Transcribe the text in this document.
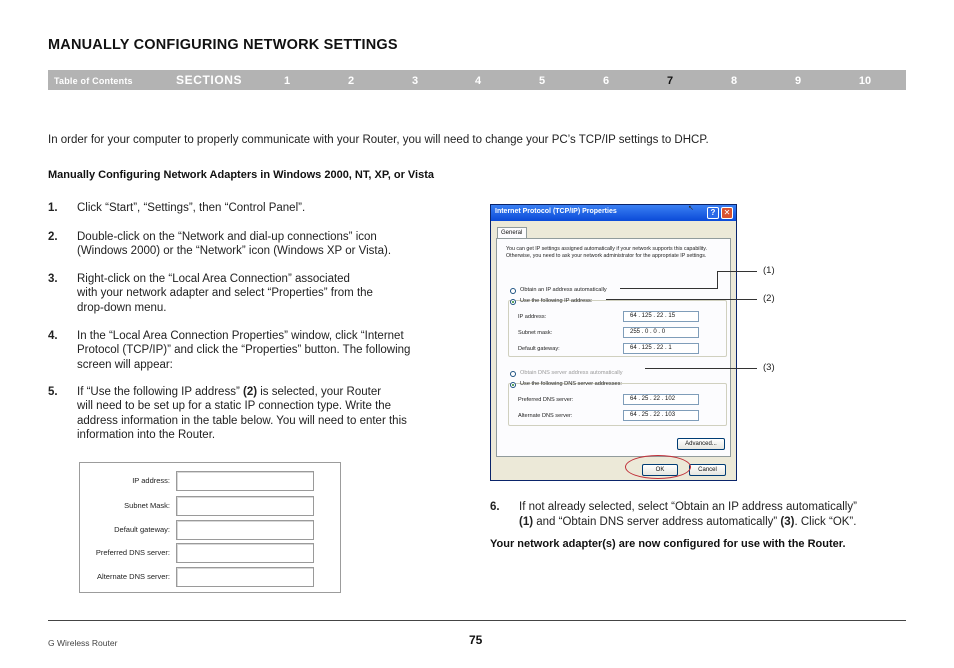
MANUALLY CONFIGURING NETWORK SETTINGS
Table of Contents	SECTIONS	1	2	3	4	5	6	7	8	9	10
In order for your computer to properly communicate with your Router, you will need to change your PC’s TCP/IP settings to DHCP.
Manually Configuring Network Adapters in Windows 2000, NT, XP, or Vista
1. Click “Start”, “Settings”, then “Control Panel”.
2. Double-click on the “Network and dial-up connections” icon
(Windows 2000) or the “Network” icon (Windows XP or Vista).
3. Right-click on the “Local Area Connection” associated
with your network adapter and select “Properties” from the
drop-down menu.
4. In the “Local Area Connection Properties” window, click “Internet
Protocol (TCP/IP)” and click the “Properties” button. The following
screen will appear:
5. If “Use the following IP address” (2) is selected, your Router
will need to be set up for a static IP connection type. Write the
address information in the table below. You will need to enter this
information into the Router.
IP address:
Subnet Mask:
Default gateway:
Preferred DNS server:
Alternate DNS server:
Internet Protocol (TCP/IP) Properties	?	✕
General
You can get IP settings assigned automatically if your network supports this capability. Otherwise, you need to ask your network administrator for the appropriate IP settings.
Obtain an IP address automatically
Use the following IP address:
IP address:	64 . 125 . 22 . 15
Subnet mask:	255 . 0 . 0 . 0
Default gateway:	64 . 125 . 22 . 1
Obtain DNS server address automatically
Use the following DNS server addresses:
Preferred DNS server:	64 . 25 . 22 . 102
Alternate DNS server:	64 . 25 . 22 . 103
Advanced...
OK	Cancel
↖
(1)
(2)
(3)
6. If not already selected, select “Obtain an IP address automatically”
(1) and “Obtain DNS server address automatically” (3). Click “OK”.
Your network adapter(s) are now configured for use with the Router.
G Wireless Router	75
